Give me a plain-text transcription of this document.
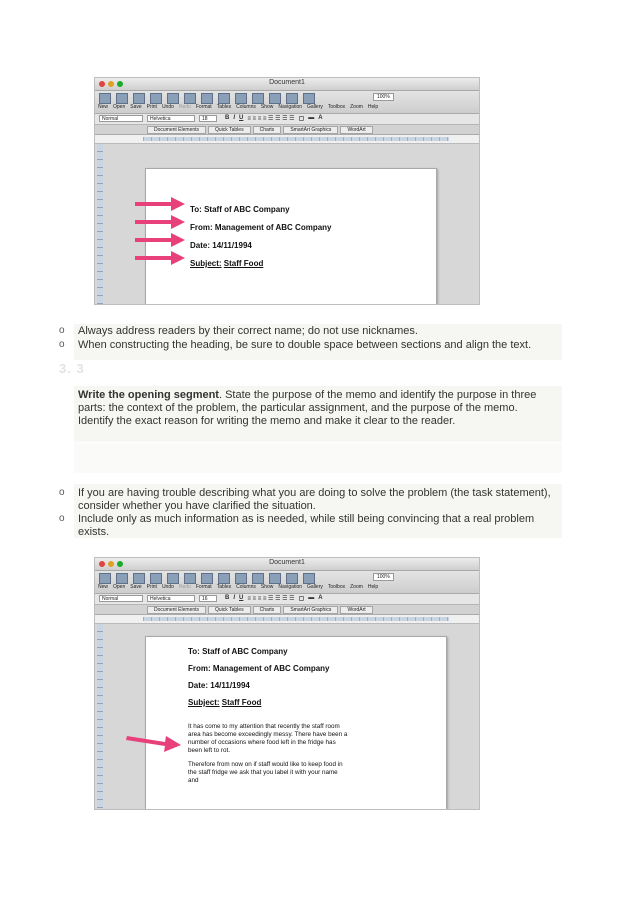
Document1
100%
New Open Save Print Undo Redo Format Tables Columns Show Navigation Gallery Toolbox Zoom Help
Normal	Helvetica	18	B I U ≡ ≡ ≡ ≡ ☰ ☰ ☰ ☰ ▢ ▬ A
Document Elements	Quick Tables	Charts	SmartArt Graphics	WordArt
To: Staff of ABC Company
From: Management of ABC Company
Date: 14/11/1994
Subject: Staff Food
o Always address readers by their correct name; do not use nicknames.
o When constructing the heading, be sure to double space between sections and align the text.
3. 3
Write the opening segment. State the purpose of the memo and identify the purpose in three parts: the context of the problem, the particular assignment, and the purpose of the memo. Identify the exact reason for writing the memo and make it clear to the reader.
o If you are having trouble describing what you are doing to solve the problem (the task statement), consider whether you have clarified the situation.
o Include only as much information as is needed, while still being convincing that a real problem exists.
Document1
100%
New Open Save Print Undo Redo Format Tables Columns Show Navigation Gallery Toolbox Zoom Help
Normal	Helvetica	16	B I U ≡ ≡ ≡ ≡ ☰ ☰ ☰ ☰ ▢ ▬ A
Document Elements	Quick Tables	Charts	SmartArt Graphics	WordArt
To: Staff of ABC Company
From: Management of ABC Company
Date: 14/11/1994
Subject: Staff Food
It has come to my attention that recently the staff room area has become exceedingly messy. There have been a number of occasions where food left in the fridge has been left to rot.
Therefore from now on if staff would like to keep food in the staff fridge we ask that you label it with your name and
